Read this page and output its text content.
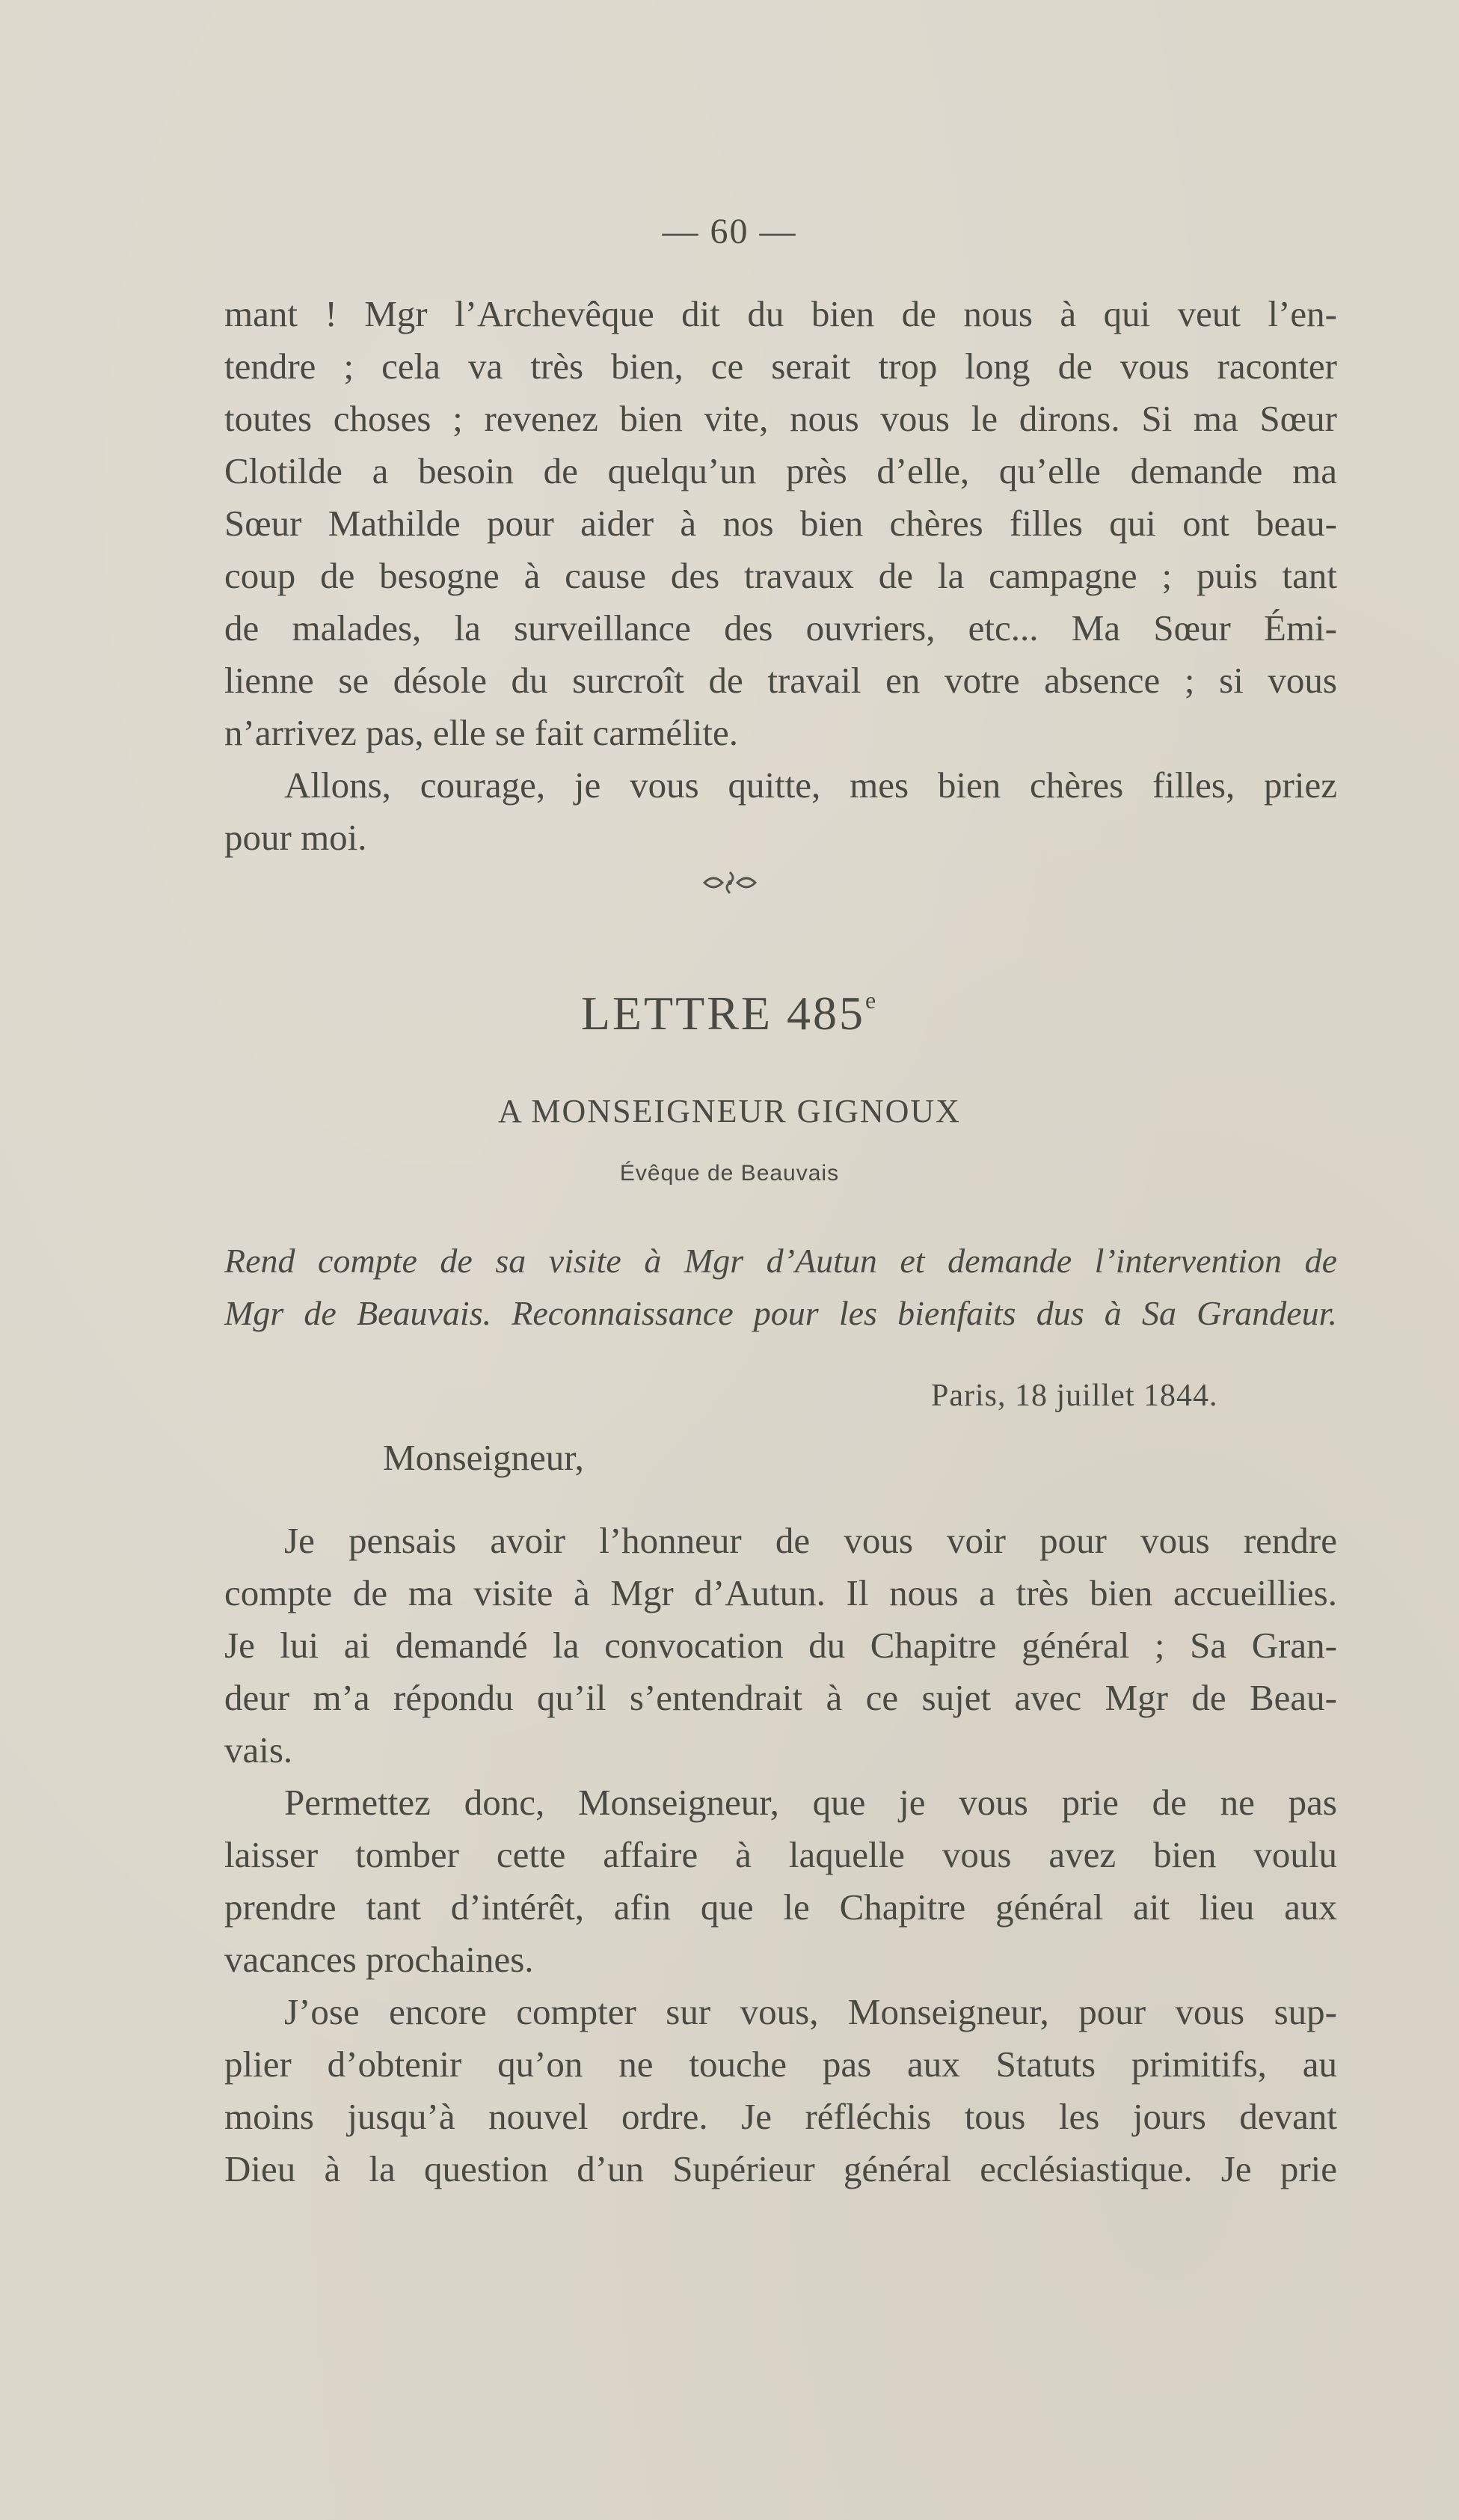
— 60 —
mant ! Mgr l’Archevêque dit du bien de nous à qui veut l’en-
tendre ; cela va très bien, ce serait trop long de vous raconter
toutes choses ; revenez bien vite, nous vous le dirons. Si ma Sœur
Clotilde a besoin de quelqu’un près d’elle, qu’elle demande ma
Sœur Mathilde pour aider à nos bien chères filles qui ont beau-
coup de besogne à cause des travaux de la campagne ; puis tant
de malades, la surveillance des ouvriers, etc... Ma Sœur Émi-
lienne se désole du surcroît de travail en votre absence ; si vous
n’arrivez pas, elle se fait carmélite.
Allons, courage, je vous quitte, mes bien chères filles, priez
pour moi.
LETTRE 485e
A MONSEIGNEUR GIGNOUX
Évêque de Beauvais
Rend compte de sa visite à Mgr d’Autun et demande l’intervention de
Mgr de Beauvais. Reconnaissance pour les bienfaits dus à Sa Grandeur.
Paris, 18 juillet 1844.
Monseigneur,
Je pensais avoir l’honneur de vous voir pour vous rendre
compte de ma visite à Mgr d’Autun. Il nous a très bien accueillies.
Je lui ai demandé la convocation du Chapitre général ; Sa Gran-
deur m’a répondu qu’il s’entendrait à ce sujet avec Mgr de Beau-
vais.
Permettez donc, Monseigneur, que je vous prie de ne pas
laisser tomber cette affaire à laquelle vous avez bien voulu
prendre tant d’intérêt, afin que le Chapitre général ait lieu aux
vacances prochaines.
J’ose encore compter sur vous, Monseigneur, pour vous sup-
plier d’obtenir qu’on ne touche pas aux Statuts primitifs, au
moins jusqu’à nouvel ordre. Je réfléchis tous les jours devant
Dieu à la question d’un Supérieur général ecclésiastique. Je prie
